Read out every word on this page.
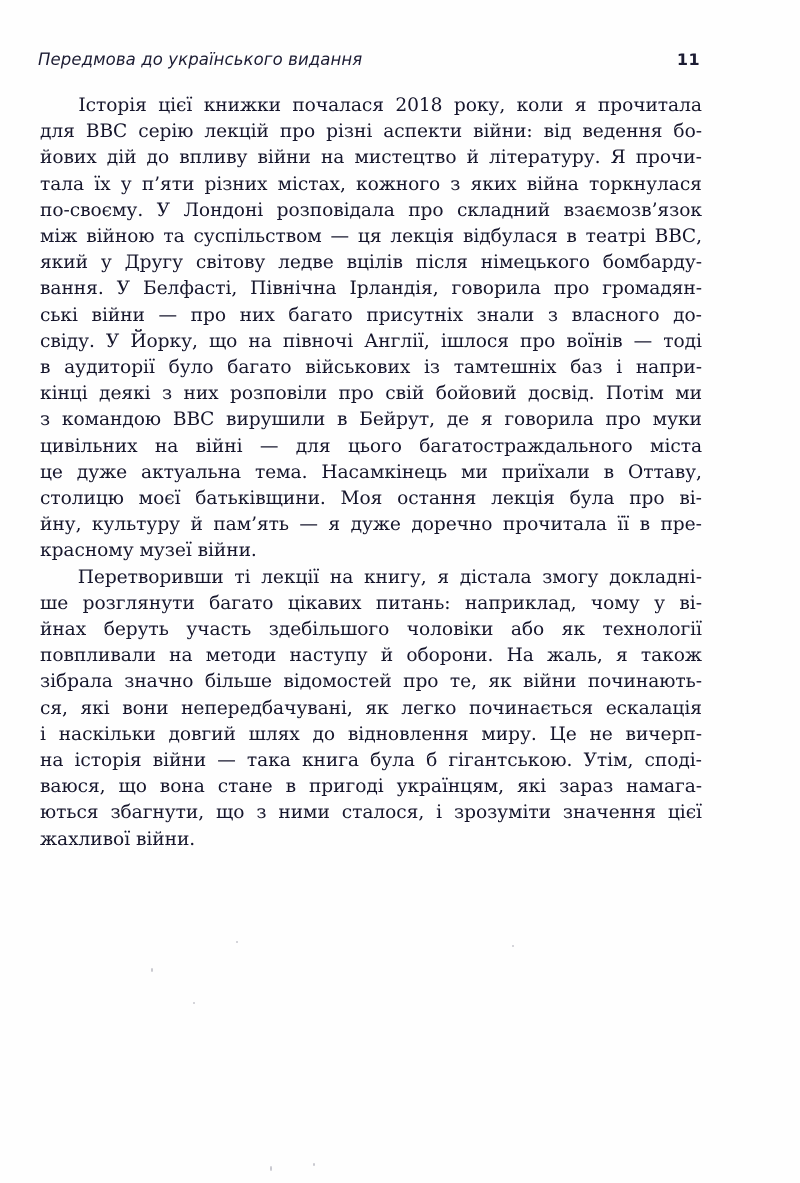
Передмова до українського видання	11

Історія цієї книжки почалася 2018 року, коли я прочитала
для ВВС серію лекцій про різні аспекти війни: від ведення бо-
йових дій до впливу війни на мистецтво й літературу. Я прочи-
тала їх у п’яти різних містах, кожного з яких війна торкнулася
по-своєму. У Лондоні розповідала про складний взаємозв’язок
між війною та суспільством — ця лекція відбулася в театрі ВВС,
який у Другу світову ледве вцілів після німецького бомбарду-
вання. У Белфасті, Північна Ірландія, говорила про громадян-
ські війни — про них багато присутніх знали з власного до-
свіду. У Йорку, що на півночі Англії, ішлося про воїнів — тоді
в аудиторії було багато військових із тамтешніх баз і напри-
кінці деякі з них розповіли про свій бойовий досвід. Потім ми
з командою ВВС вирушили в Бейрут, де я говорила про муки
цивільних на війні — для цього багатостраждального міста
це дуже актуальна тема. Насамкінець ми приїхали в Оттаву,
столицю моєї батьківщини. Моя остання лекція була про ві-
йну, культуру й пам’ять — я дуже доречно прочитала її в пре-
красному музеї війни.

Перетворивши ті лекції на книгу, я дістала змогу докладні-
ше розглянути багато цікавих питань: наприклад, чому у ві-
йнах беруть участь здебільшого чоловіки або як технології
повпливали на методи наступу й оборони. На жаль, я також
зібрала значно більше відомостей про те, як війни починають-
ся, які вони непередбачувані, як легко починається ескалація
і наскільки довгий шлях до відновлення миру. Це не вичерп-
на історія війни — така книга була б гігантською. Утім, споді-
ваюся, що вона стане в пригоді українцям, які зараз намага-
ються збагнути, що з ними сталося, і зрозуміти значення цієї
жахливої війни.
